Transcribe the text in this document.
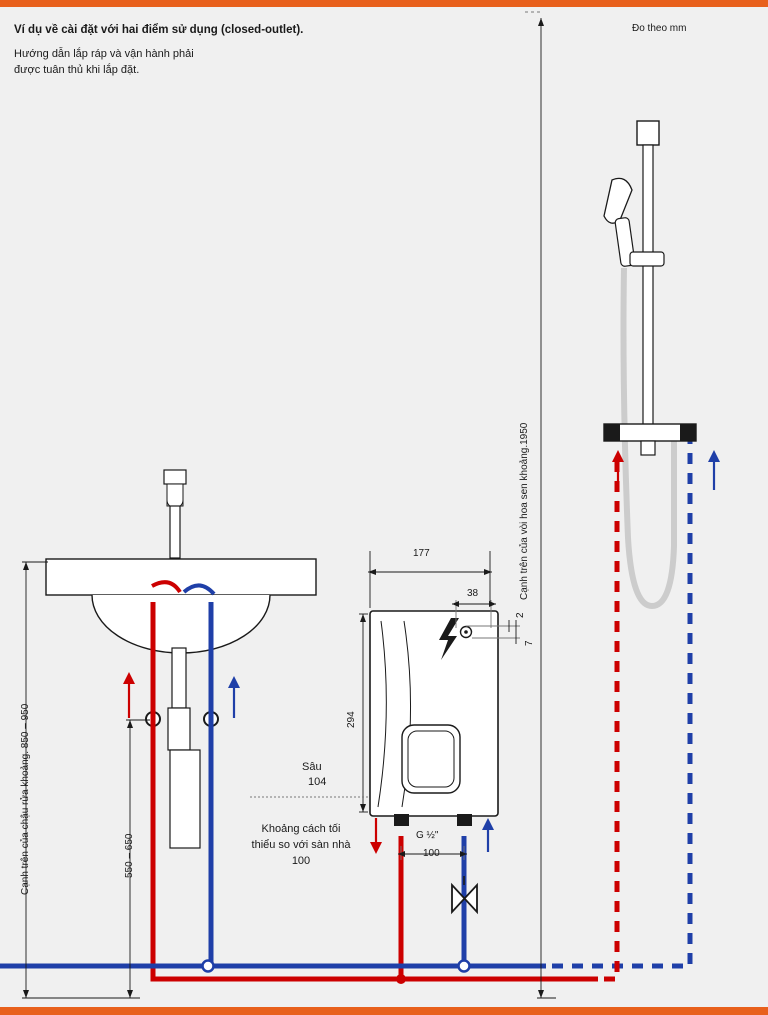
Ví dụ về cài đặt với hai điểm sử dụng (closed-outlet).
Hướng dẫn lắp ráp và vận hành phải
được tuân thủ khi lắp đặt.
Đo theo mm
177
38
2
7
294
Sâu
104
Khoảng cách tối thiểu so với sàn nhà 100
G ½"
100
Cạnh trên của chậu rửa khoảng. 850 – 950	550 – 650
Cạnh trên của vòi hoa sen khoảng.1950
